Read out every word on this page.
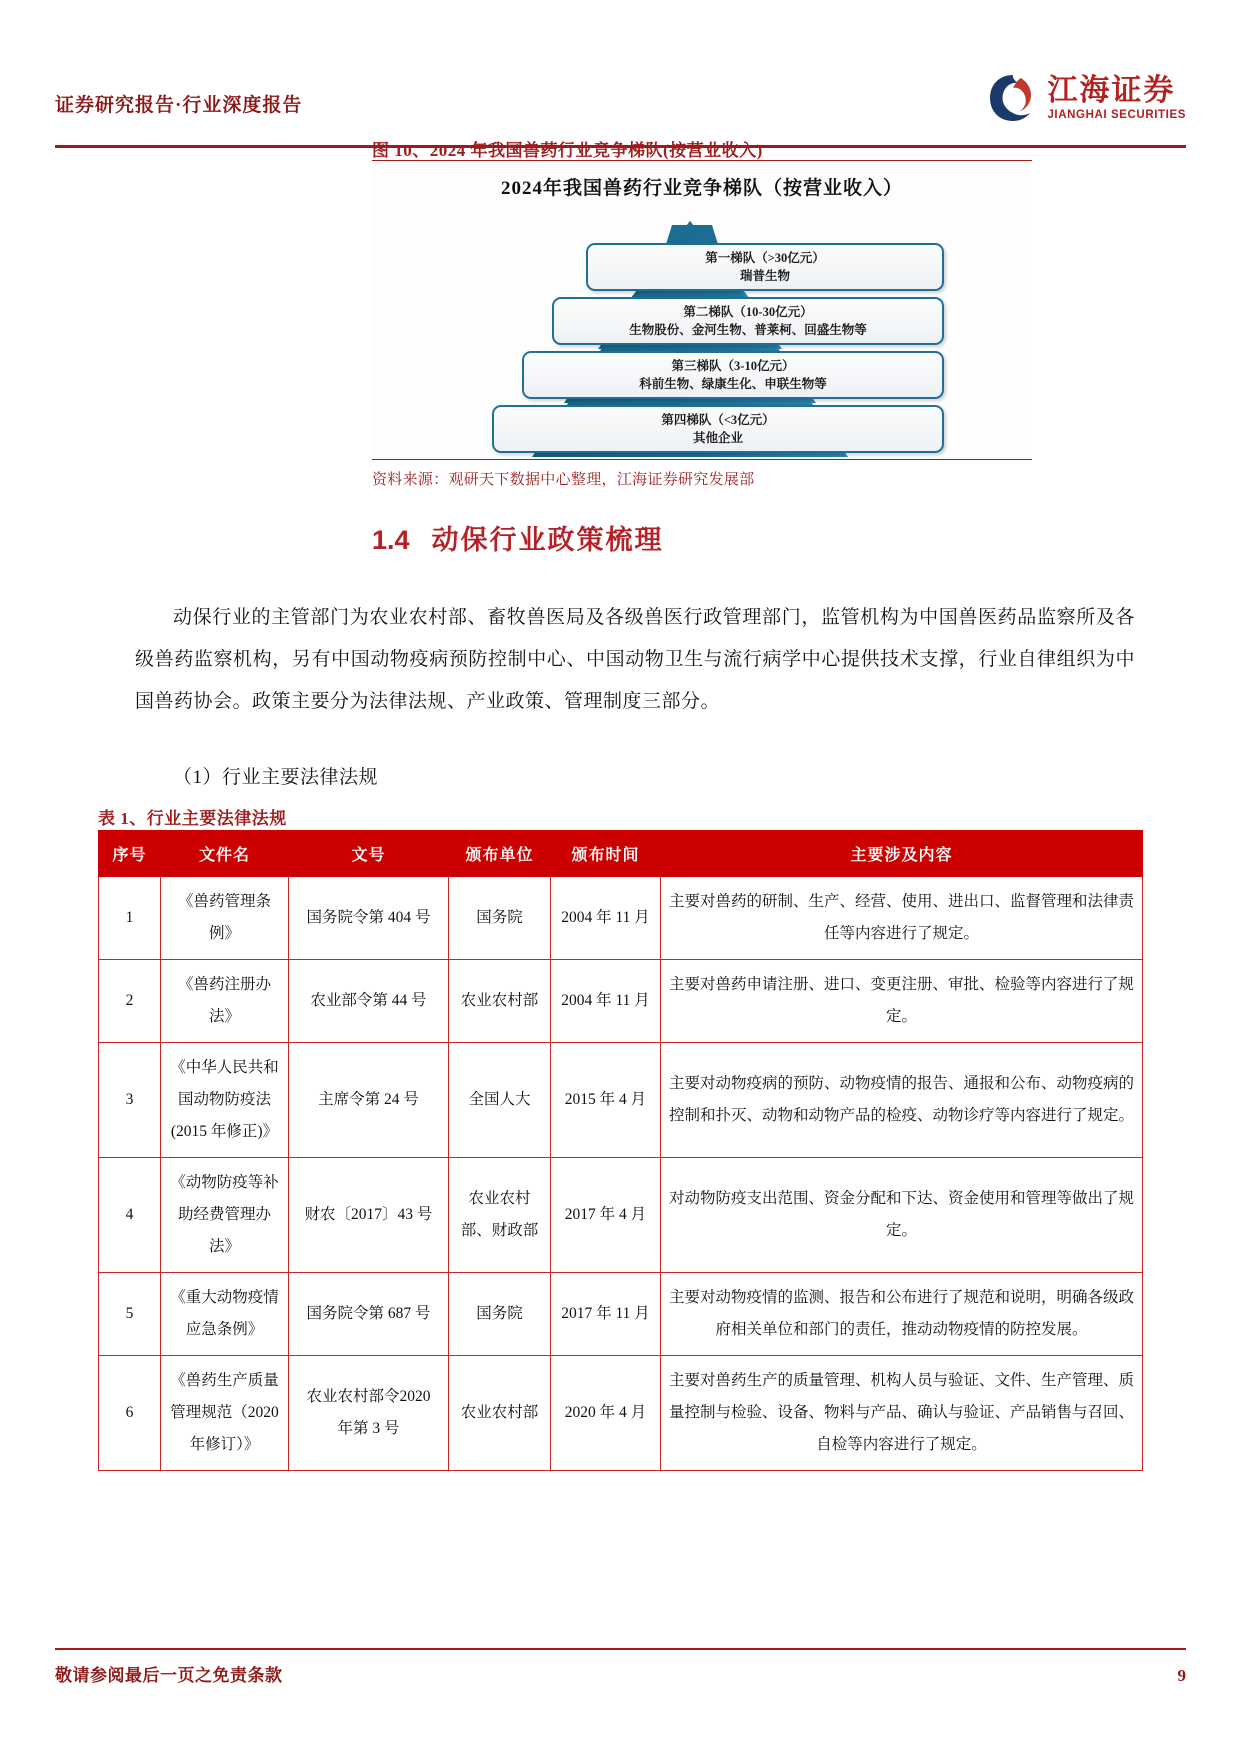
证券研究报告·行业深度报告	江海证券
JIANGHAI SECURITIES
图 10、2024 年我国兽药行业竞争梯队(按营业收入)
2024年我国兽药行业竞争梯队（按营业收入）
第一梯队（>30亿元）
瑞普生物
第二梯队（10-30亿元）
生物股份、金河生物、普莱柯、回盛生物等
第三梯队（3-10亿元）
科前生物、绿康生化、申联生物等
第四梯队（<3亿元）
其他企业
资料来源：观研天下数据中心整理，江海证券研究发展部
1.4 动保行业政策梳理

动保行业的主管部门为农业农村部、畜牧兽医局及各级兽医行政管理部门，监管机构为中国兽医药品监察所及各级兽药监察机构，另有中国动物疫病预防控制中心、中国动物卫生与流行病学中心提供技术支撑，行业自律组织为中国兽药协会。政策主要分为法律法规、产业政策、管理制度三部分。

（1）行业主要法律法规

表 1、行业主要法律法规
序号	文件名	文号	颁布单位	颁布时间	主要涉及内容
1	《兽药管理条例》	国务院令第 404 号	国务院	2004 年 11 月	主要对兽药的研制、生产、经营、使用、进出口、监督管理和法律责任等内容进行了规定。
2	《兽药注册办法》	农业部令第 44 号	农业农村部	2004 年 11 月	主要对兽药申请注册、进口、变更注册、审批、检验等内容进行了规定。
3	《中华人民共和国动物防疫法(2015 年修正)》	主席令第 24 号	全国人大	2015 年 4 月	主要对动物疫病的预防、动物疫情的报告、通报和公布、动物疫病的控制和扑灭、动物和动物产品的检疫、动物诊疗等内容进行了规定。
4	《动物防疫等补助经费管理办法》	财农〔2017〕43 号	农业农村部、财政部	2017 年 4 月	对动物防疫支出范围、资金分配和下达、资金使用和管理等做出了规定。
5	《重大动物疫情应急条例》	国务院令第 687 号	国务院	2017 年 11 月	主要对动物疫情的监测、报告和公布进行了规范和说明，明确各级政府相关单位和部门的责任，推动动物疫情的防控发展。
6	《兽药生产质量管理规范（2020 年修订）》	农业农村部令2020 年第 3 号	农业农村部	2020 年 4 月	主要对兽药生产的质量管理、机构人员与验证、文件、生产管理、质量控制与检验、设备、物料与产品、确认与验证、产品销售与召回、自检等内容进行了规定。
敬请参阅最后一页之免责条款	9
